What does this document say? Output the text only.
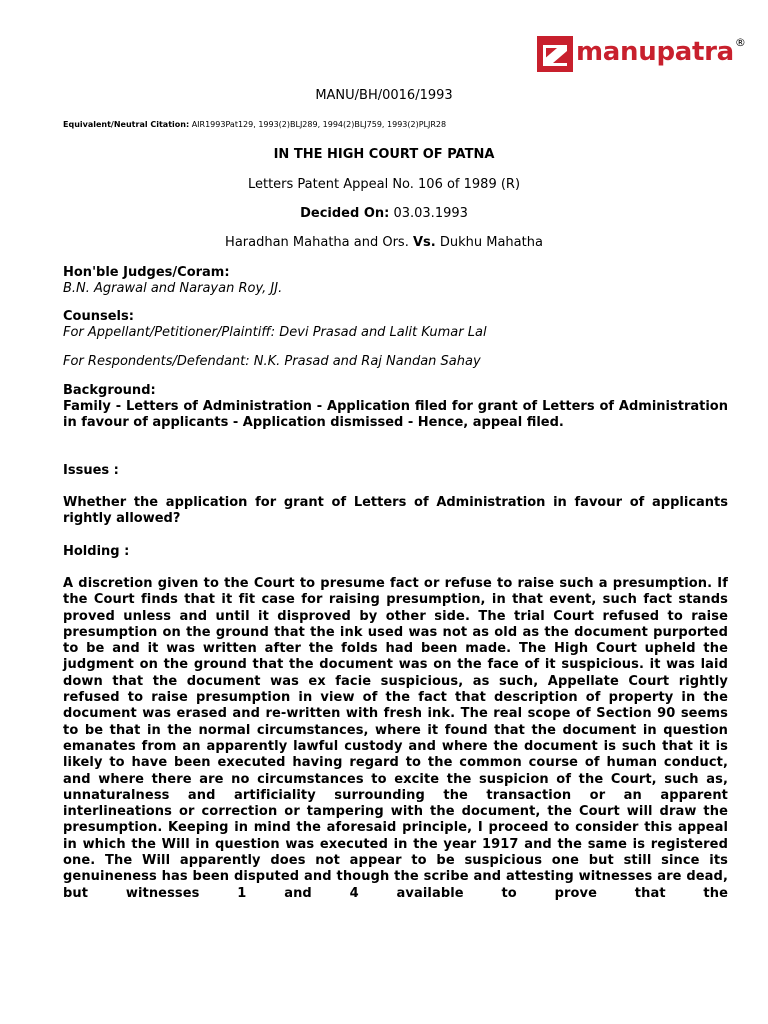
manupatra ®
MANU/BH/0016/1993
Equivalent/Neutral Citation: AIR1993Pat129, 1993(2)BLJ289, 1994(2)BLJ759, 1993(2)PLJR28
IN THE HIGH COURT OF PATNA
Letters Patent Appeal No. 106 of 1989 (R)
Decided On: 03.03.1993
Haradhan Mahatha and Ors. Vs. Dukhu Mahatha
Hon'ble Judges/Coram:
B.N. Agrawal and Narayan Roy, JJ.
Counsels:
For Appellant/Petitioner/Plaintiff: Devi Prasad and Lalit Kumar Lal
For Respondents/Defendant: N.K. Prasad and Raj Nandan Sahay
Background:
Family - Letters of Administration - Application filed for grant of Letters of Administration in favour of applicants - Application dismissed - Hence, appeal filed.
Issues :
Whether the application for grant of Letters of Administration in favour of applicants rightly allowed?
Holding :
A discretion given to the Court to presume fact or refuse to raise such a presumption. If the Court finds that it fit case for raising presumption, in that event, such fact stands proved unless and until it disproved by other side. The trial Court refused to raise presumption on the ground that the ink used was not as old as the document purported to be and it was written after the folds had been made. The High Court upheld the judgment on the ground that the document was on the face of it suspicious. it was laid down that the document was ex facie suspicious, as such, Appellate Court rightly refused to raise presumption in view of the fact that description of property in the document was erased and re-written with fresh ink. The real scope of Section 90 seems to be that in the normal circumstances, where it found that the document in question emanates from an apparently lawful custody and where the document is such that it is likely to have been executed having regard to the common course of human conduct, and where there are no circumstances to excite the suspicion of the Court, such as, unnaturalness and artificiality surrounding the transaction or an apparent interlineations or correction or tampering with the document, the Court will draw the presumption. Keeping in mind the aforesaid principle, I proceed to consider this appeal in which the Will in question was executed in the year 1917 and the same is registered one. The Will apparently does not appear to be suspicious one but still since its genuineness has been disputed and though the scribe and attesting witnesses are dead, but witnesses 1 and 4 available to prove that the
